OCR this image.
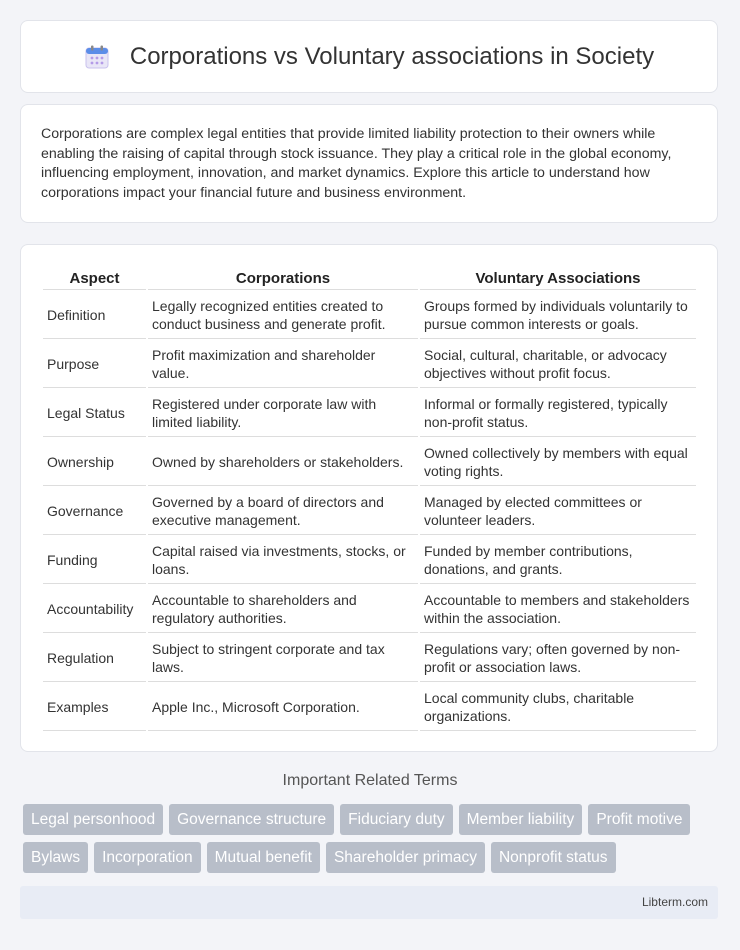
Corporations vs Voluntary associations in Society
Corporations are complex legal entities that provide limited liability protection to their owners while enabling the raising of capital through stock issuance. They play a critical role in the global economy, influencing employment, innovation, and market dynamics. Explore this article to understand how corporations impact your financial future and business environment.
Aspect	Corporations	Voluntary Associations
Definition	Legally recognized entities created to conduct business and generate profit.	Groups formed by individuals voluntarily to pursue common interests or goals.
Purpose	Profit maximization and shareholder value.	Social, cultural, charitable, or advocacy objectives without profit focus.
Legal Status	Registered under corporate law with limited liability.	Informal or formally registered, typically non-profit status.
Ownership	Owned by shareholders or stakeholders.	Owned collectively by members with equal voting rights.
Governance	Governed by a board of directors and executive management.	Managed by elected committees or volunteer leaders.
Funding	Capital raised via investments, stocks, or loans.	Funded by member contributions, donations, and grants.
Accountability	Accountable to shareholders and regulatory authorities.	Accountable to members and stakeholders within the association.
Regulation	Subject to stringent corporate and tax laws.	Regulations vary; often governed by non-profit or association laws.
Examples	Apple Inc., Microsoft Corporation.	Local community clubs, charitable organizations.
Important Related Terms
Legal personhood	Governance structure	Fiduciary duty	Member liability	Profit motive
Bylaws	Incorporation	Mutual benefit	Shareholder primacy	Nonprofit status
Libterm.com
